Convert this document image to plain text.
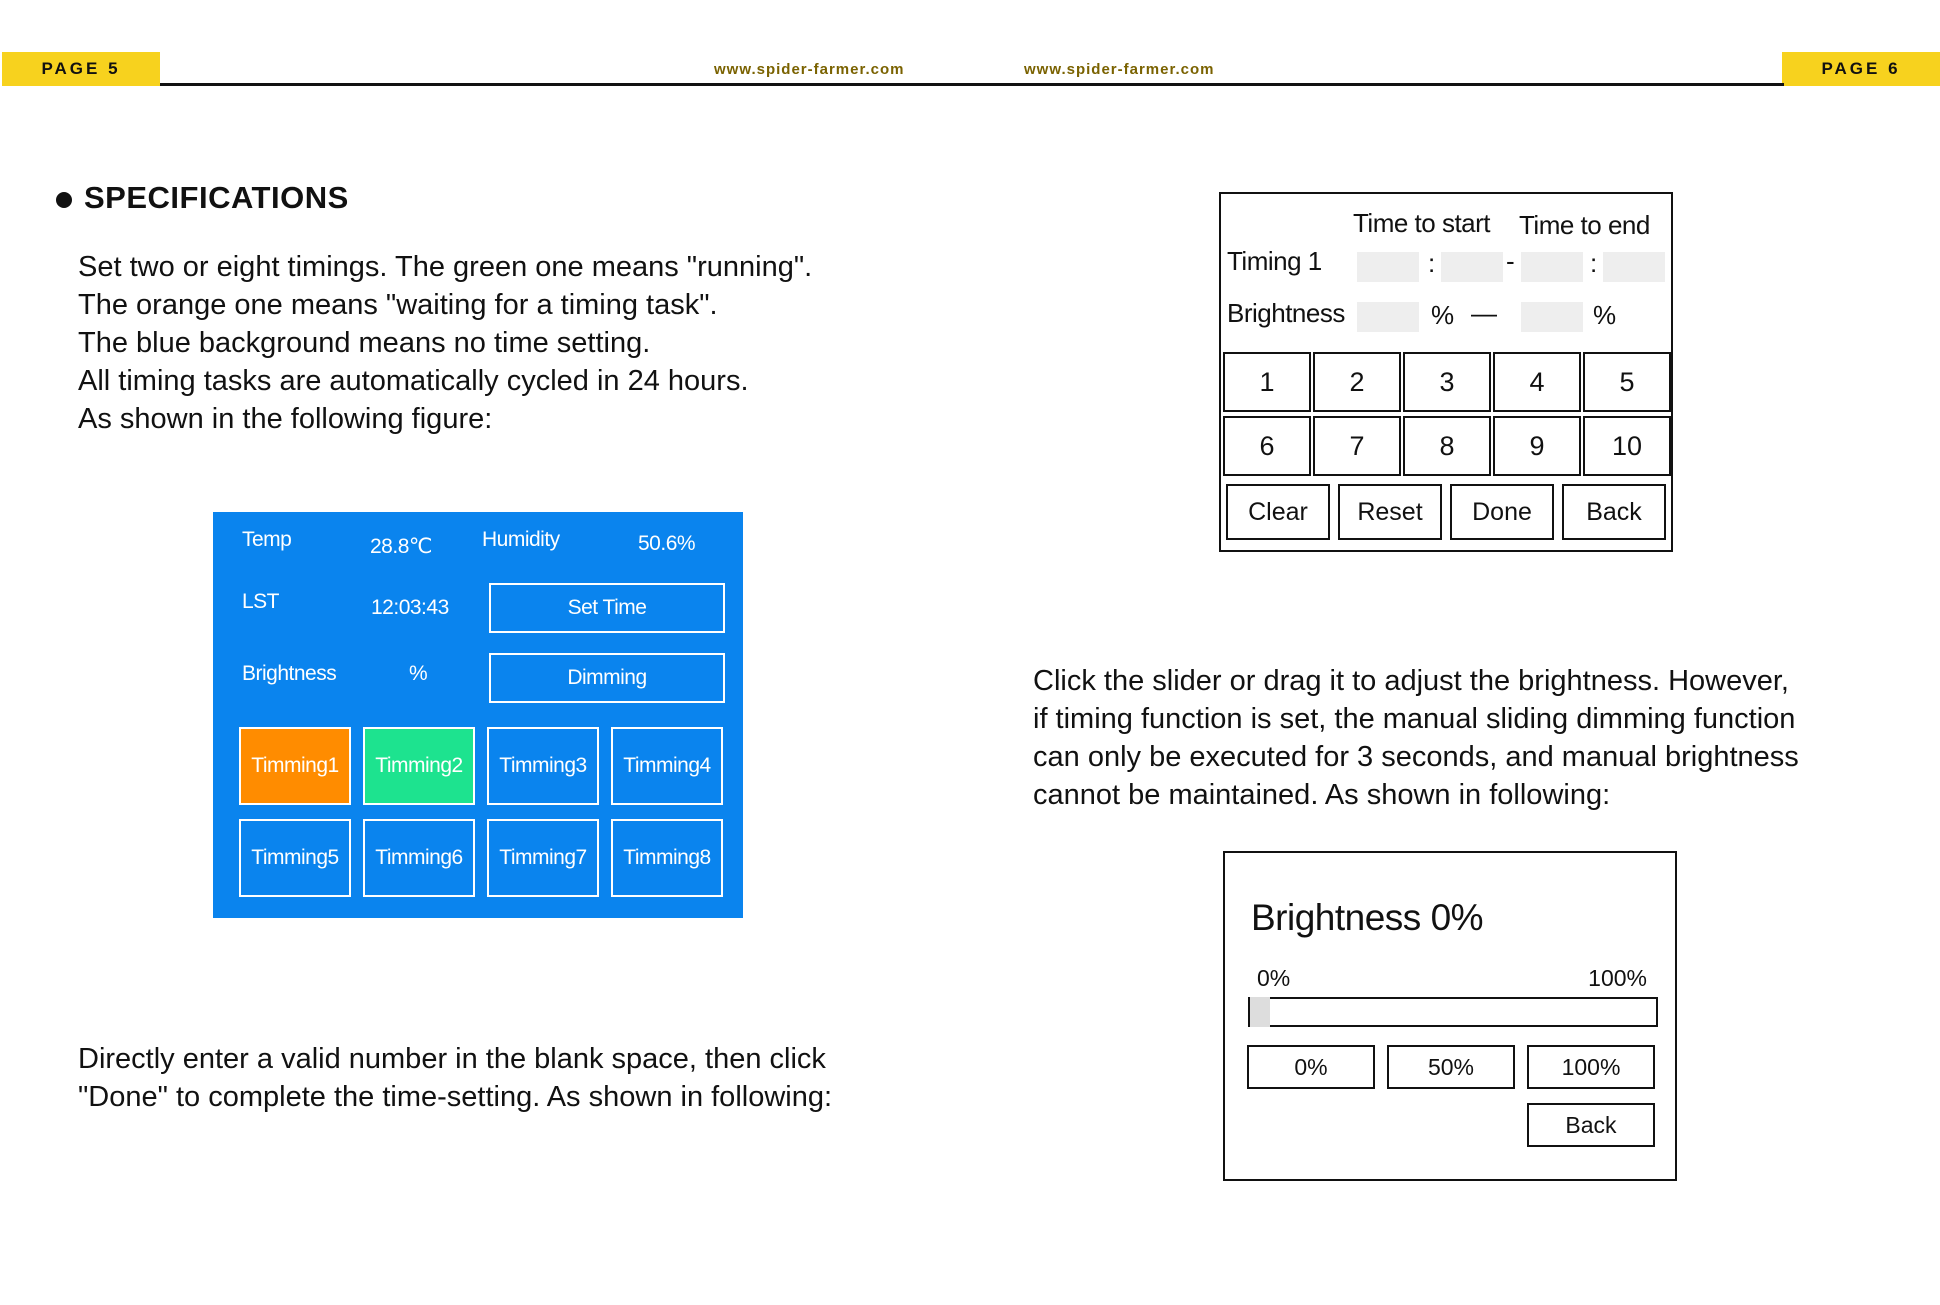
PAGE 5	PAGE 6
www.spider-farmer.com	www.spider-farmer.com
SPECIFICATIONS
Set two or eight timings. The green one means "running".
The orange one means "waiting for a timing task".
The blue background means no time setting.
All timing tasks are automatically cycled in 24 hours.
As shown in the following figure:
Temp	28.8℃ Humidity	50.6%
LST	12:03:43	Set Time
Brightness	%	Dimming
Timming1 Timming2 Timming3 Timming4
Timming5 Timming6 Timming7 Timming8
Directly enter a valid number in the blank space, then click
"Done" to complete the time-setting. As shown in following:
Time to start Time to end
Timing 1	:	-	:
Brightness	% —	%
1	2	3	4	5
6	7	8	9 10
Clear Reset Done Back
Click the slider or drag it to adjust the brightness. However,
if timing function is set, the manual sliding dimming function
can only be executed for 3 seconds, and manual brightness
cannot be maintained. As shown in following:
Brightness 0%
0%	100%
0%	50%	100%
Back
